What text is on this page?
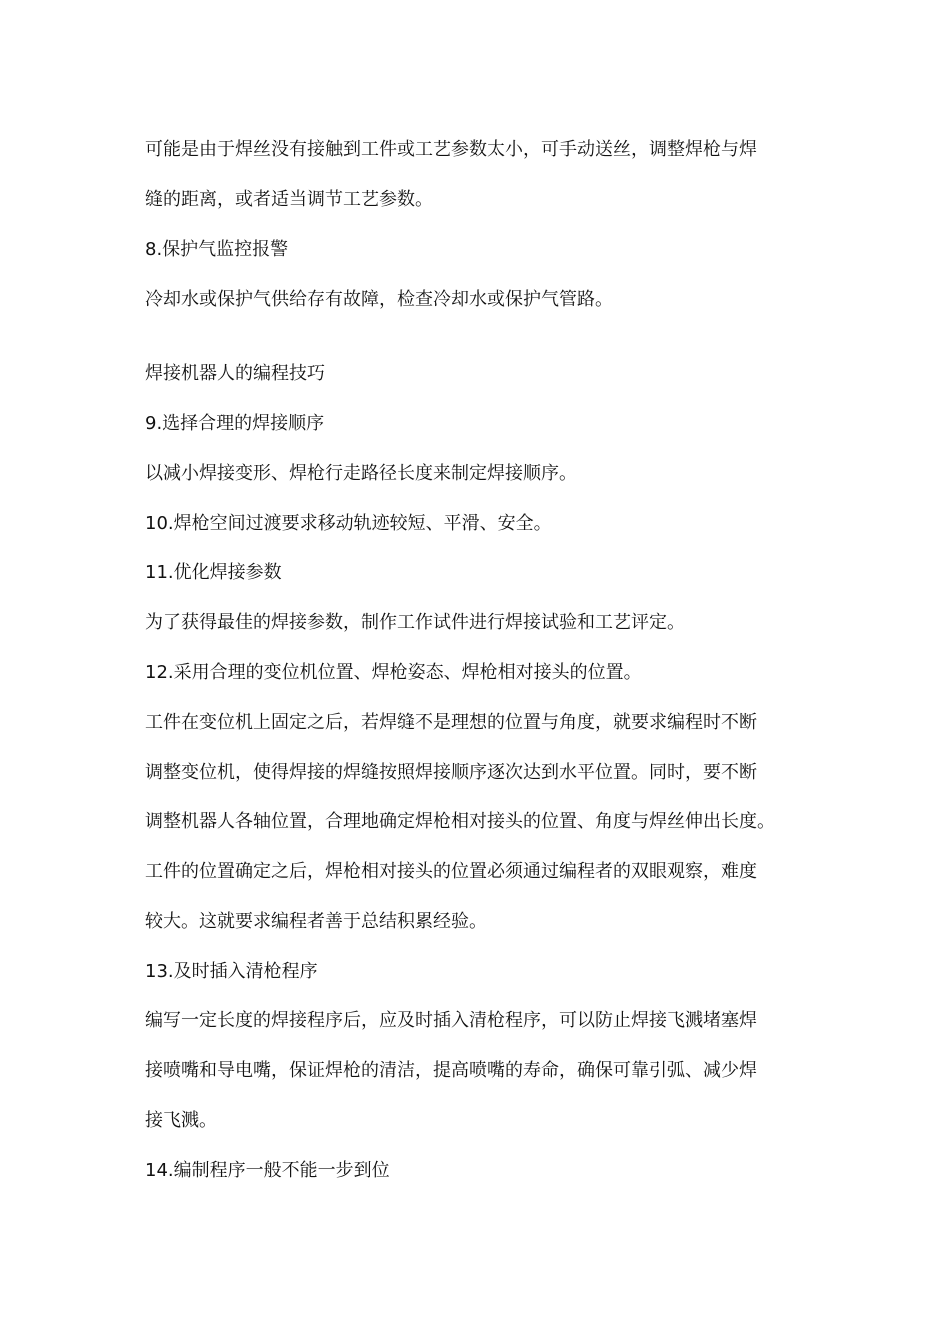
可能是由于焊丝没有接触到工件或工艺参数太小，可手动送丝，调整焊枪与焊
缝的距离，或者适当调节工艺参数。
8.保护气监控报警
冷却水或保护气供给存有故障，检查冷却水或保护气管路。
焊接机器人的编程技巧
9.选择合理的焊接顺序
以减小焊接变形、焊枪行走路径长度来制定焊接顺序。
10.焊枪空间过渡要求移动轨迹较短、平滑、安全。
11.优化焊接参数
为了获得最佳的焊接参数，制作工作试件进行焊接试验和工艺评定。
12.采用合理的变位机位置、焊枪姿态、焊枪相对接头的位置。
工件在变位机上固定之后，若焊缝不是理想的位置与角度，就要求编程时不断
调整变位机，使得焊接的焊缝按照焊接顺序逐次达到水平位置。同时，要不断
调整机器人各轴位置，合理地确定焊枪相对接头的位置、角度与焊丝伸出长度。
工件的位置确定之后，焊枪相对接头的位置必须通过编程者的双眼观察，难度
较大。这就要求编程者善于总结积累经验。
13.及时插入清枪程序
编写一定长度的焊接程序后，应及时插入清枪程序，可以防止焊接飞溅堵塞焊
接喷嘴和导电嘴，保证焊枪的清洁，提高喷嘴的寿命，确保可靠引弧、减少焊
接飞溅。
14.编制程序一般不能一步到位
